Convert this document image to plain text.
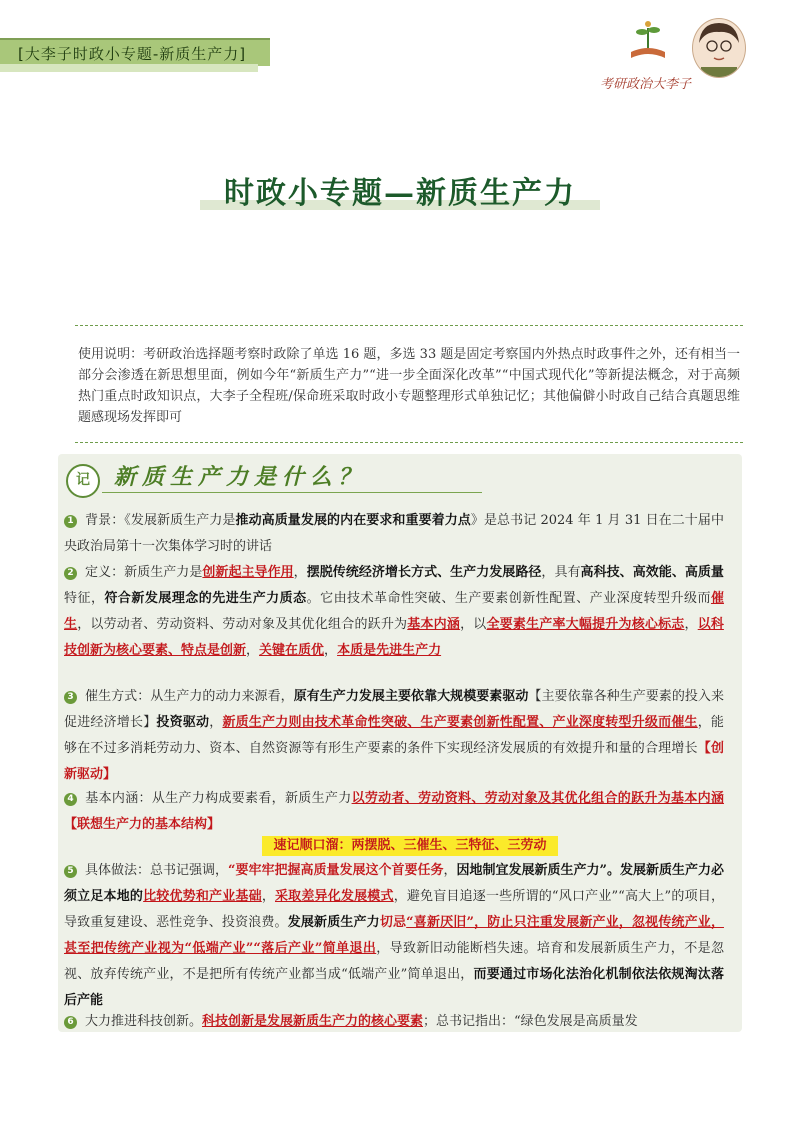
[大李子时政小专题-新质生产力]
考研政治大李子
时政小专题—新质生产力
使用说明：考研政治选择题考察时政除了单选 16 题，多选 33 题是固定考察国内外热点时政事件之外，还有相当一部分会渗透在新思想里面，例如今年“新质生产力”“进一步全面深化改革”“中国式现代化”等新提法概念，对于高频热门重点时政知识点，大李子全程班/保命班采取时政小专题整理形式单独记忆；其他偏僻小时政自己结合真题思维题感现场发挥即可
记	新质生产力是什么？
1 背景：《发展新质生产力是推动高质量发展的内在要求和重要着力点》是总书记 2024 年 1 月 31 日在二十届中央政治局第十一次集体学习时的讲话
2 定义：新质生产力是创新起主导作用，摆脱传统经济增长方式、生产力发展路径，具有高科技、高效能、高质量特征，符合新发展理念的先进生产力质态。它由技术革命性突破、生产要素创新性配置、产业深度转型升级而催生，以劳动者、劳动资料、劳动对象及其优化组合的跃升为基本内涵，以全要素生产率大幅提升为核心标志，以科技创新为核心要素、特点是创新，关键在质优，本质是先进生产力
3 催生方式：从生产力的动力来源看，原有生产力发展主要依靠大规模要素驱动【主要依靠各种生产要素的投入来促进经济增长】投资驱动，新质生产力则由技术革命性突破、生产要素创新性配置、产业深度转型升级而催生，能够在不过多消耗劳动力、资本、自然资源等有形生产要素的条件下实现经济发展质的有效提升和量的合理增长【创新驱动】
4 基本内涵：从生产力构成要素看，新质生产力以劳动者、劳动资料、劳动对象及其优化组合的跃升为基本内涵【联想生产力的基本结构】
速记顺口溜：两摆脱、三催生、三特征、三劳动
5 具体做法：总书记强调，“要牢牢把握高质量发展这个首要任务，因地制宜发展新质生产力”。发展新质生产力必须立足本地的比较优势和产业基础，采取差异化发展模式，避免盲目追逐一些所谓的“风口产业”“高大上”的项目，导致重复建设、恶性竞争、投资浪费。发展新质生产力切忌“喜新厌旧”，防止只注重发展新产业，忽视传统产业，甚至把传统产业视为“低端产业”“落后产业”简单退出，导致新旧动能断档失速。培育和发展新质生产力，不是忽视、放弃传统产业，不是把所有传统产业都当成“低端产业”简单退出，而要通过市场化法治化机制依法依规淘汰落后产能
6 大力推进科技创新。科技创新是发展新质生产力的核心要素；总书记指出：“绿色发展是高质量发
